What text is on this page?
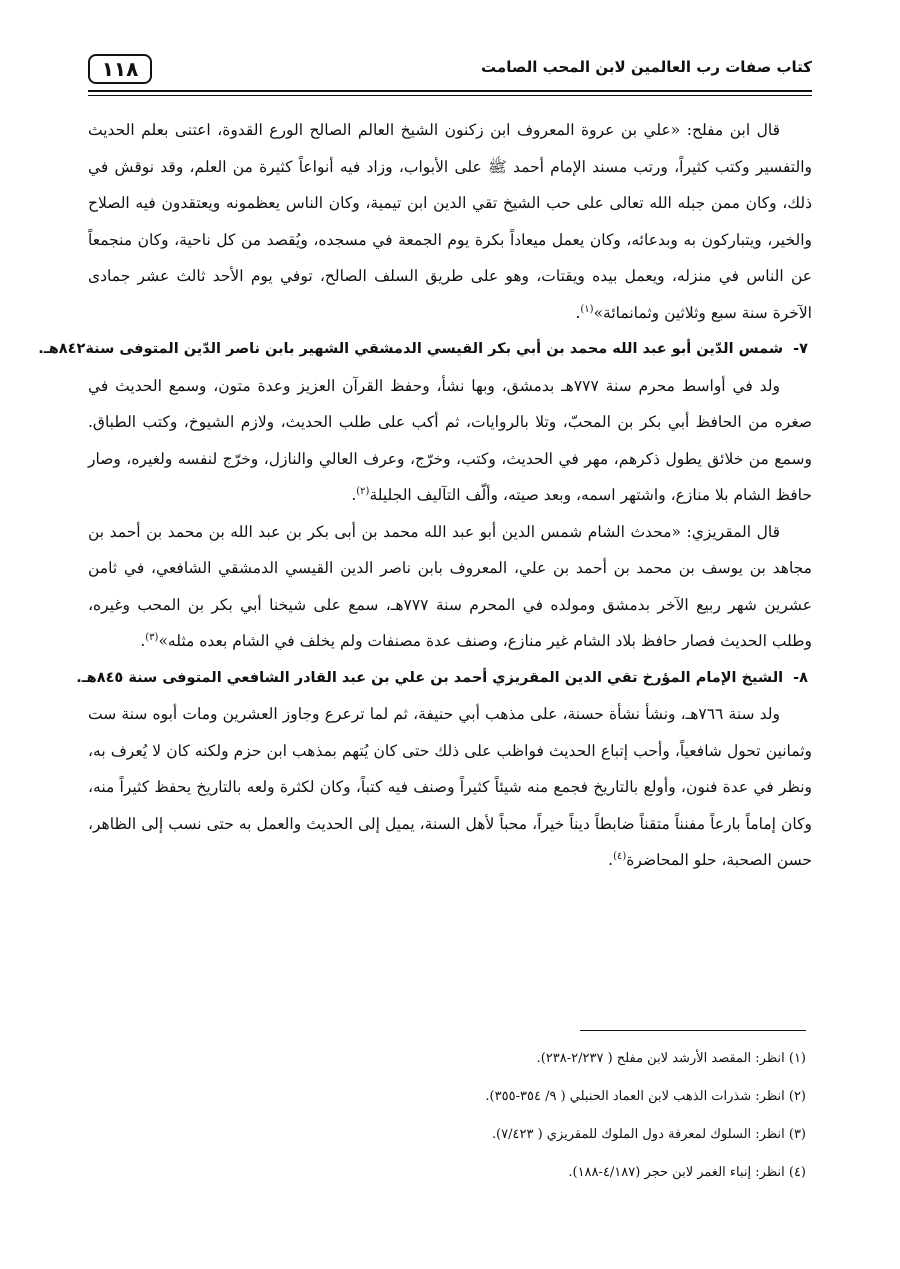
١١٨	كتاب صفات رب العالمين لابن المحب الصامت

قال ابن مفلح: «علي بن عروة المعروف ابن زكنون الشيخ العالم الصالح الورع القدوة، اعتنى بعلم الحديث والتفسير وكتب كثيراً، ورتب مسند الإمام أحمد ﷺ على الأبواب، وزاد فيه أنواعاً كثيرة من العلم، وقد نوقش في ذلك، وكان ممن جبله الله تعالى على حب الشيخ تقي الدين ابن تيمية، وكان الناس يعظمونه ويعتقدون فيه الصلاح والخير، ويتباركون به وبدعائه، وكان يعمل ميعاداً بكرة يوم الجمعة في مسجده، ويُقصد من كل ناحية، وكان منجمعاً عن الناس في منزله، ويعمل بيده ويقتات، وهو على طريق السلف الصالح، توفي يوم الأحد ثالث عشر جمادى الآخرة سنة سبع وثلاثين وثمانمائة»$^{(١)}$.

٧-شمس الدّين أبو عبد الله محمد بن أبي بكر القيسي الدمشقي الشهير بابن ناصر الدّين المتوفى سنة٨٤٢هـ.

ولد في أواسط محرم سنة ٧٧٧هـ بدمشق، وبها نشأ، وحفظ القرآن العزيز وعدة متون، وسمع الحديث في صغره من الحافظ أبي بكر بن المحبّ، وتلا بالروايات، ثم أكب على طلب الحديث، ولازم الشيوخ، وكتب الطباق. وسمع من خلائق يطول ذكرهم، مهر في الحديث، وكتب، وخرّج، وعرف العالي والنازل، وخرّج لنفسه ولغيره، وصار حافظ الشام بلا منازع، واشتهر اسمه، وبعد صيته، وألّف التآليف الجليلة$^{(٢)}$.

قال المقريزي: «محدث الشام شمس الدين أبو عبد الله محمد بن أبى بكر بن عبد الله بن محمد بن أحمد بن مجاهد بن يوسف بن محمد بن أحمد بن علي، المعروف بابن ناصر الدين القيسي الدمشقي الشافعي، في ثامن عشرين شهر ربيع الآخر بدمشق ومولده في المحرم سنة ٧٧٧هـ، سمع على شيخنا أبي بكر بن المحب وغيره، وطلب الحديث فصار حافظ بلاد الشام غير منازع، وصنف عدة مصنفات ولم يخلف في الشام بعده مثله»$^{(٣)}$.

٨-الشيخ الإمام المؤرخ تقي الدين المقريزي أحمد بن علي بن عبد القادر الشافعي المتوفى سنة ٨٤٥هـ.

ولد سنة ٧٦٦هـ، ونشأ نشأة حسنة، على مذهب أبي حنيفة، ثم لما ترعرع وجاوز العشرين ومات أبوه سنة ست وثمانين تحول شافعياً، وأحب إتباع الحديث فواظب على ذلك حتى كان يُتهم بمذهب ابن حزم ولكنه كان لا يُعرف به، ونظر في عدة فنون، وأولع بالتاريخ فجمع منه شيئاً كثيراً وصنف فيه كتباً، وكان لكثرة ولعه بالتاريخ يحفظ كثيراً منه، وكان إماماً بارعاً مفنناً متقناً ضابطاً ديناً خيراً، محباً لأهل السنة، يميل إلى الحديث والعمل به حتى نسب إلى الظاهر، حسن الصحبة، حلو المحاضرة$^{(٤)}$.

(١) انظر: المقصد الأرشد لابن مفلح ( ٢/٢٣٧-٢٣٨).

(٢) انظر: شذرات الذهب لابن العماد الحنبلي ( ٩/ ٣٥٤-٣٥٥).

(٣) انظر: السلوك لمعرفة دول الملوك للمقريزي ( ٧/٤٢٣).

(٤) انظر: إنباء الغمر لابن حجر (٤/١٨٧-١٨٨).
